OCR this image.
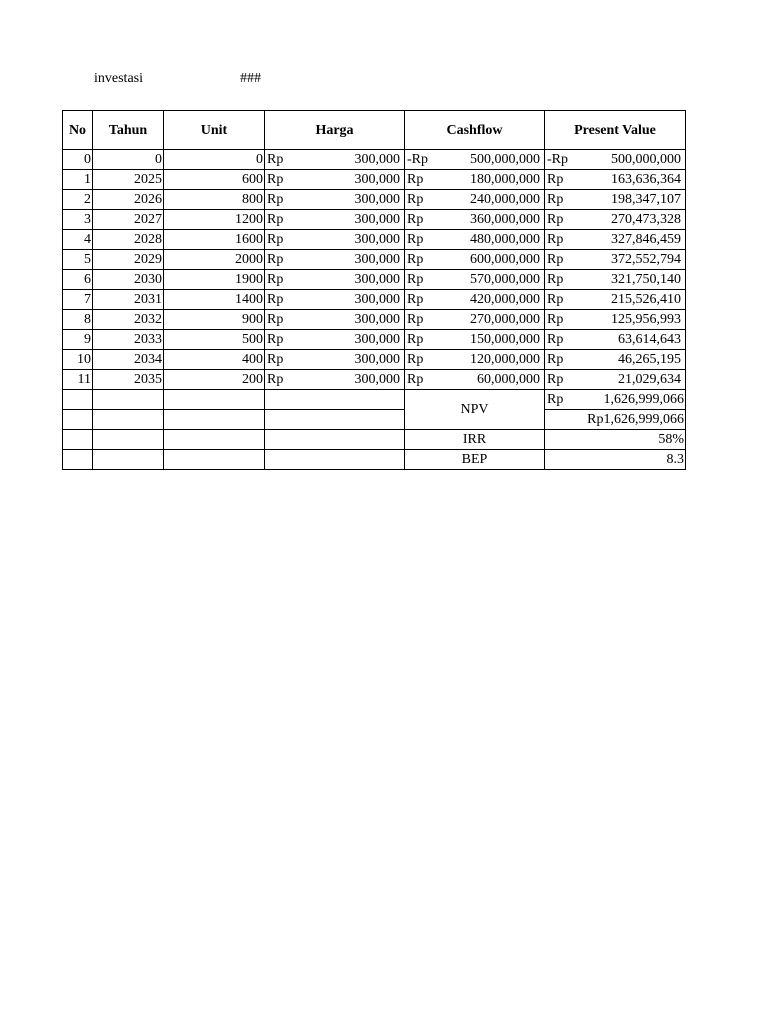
investasi	###
No	Tahun	Unit	Harga	Cashflow	Present Value
0	0	0	Rp 300,000	-Rp 500,000,000	-Rp 500,000,000

1	2025	600	Rp 300,000	Rp 180,000,000	Rp 163,636,364

2	2026	800	Rp 300,000	Rp 240,000,000	Rp 198,347,107

3	2027	1200	Rp 300,000	Rp 360,000,000	Rp 270,473,328

4	2028	1600	Rp 300,000	Rp 480,000,000	Rp 327,846,459

5	2029	2000	Rp 300,000	Rp 600,000,000	Rp 372,552,794

6	2030	1900	Rp 300,000	Rp 570,000,000	Rp 321,750,140

7	2031	1400	Rp 300,000	Rp 420,000,000	Rp 215,526,410

8	2032	900	Rp 300,000	Rp 270,000,000	Rp 125,956,993

9	2033	500	Rp 300,000	Rp 150,000,000	Rp 63,614,643

10	2034	400	Rp 300,000	Rp 120,000,000	Rp 46,265,195

11	2035	200	Rp 300,000	Rp 60,000,000	Rp 21,029,634

				NPV	Rp 1,626,999,066

					Rp1,626,999,066
				IRR	58%
				BEP	8.3
